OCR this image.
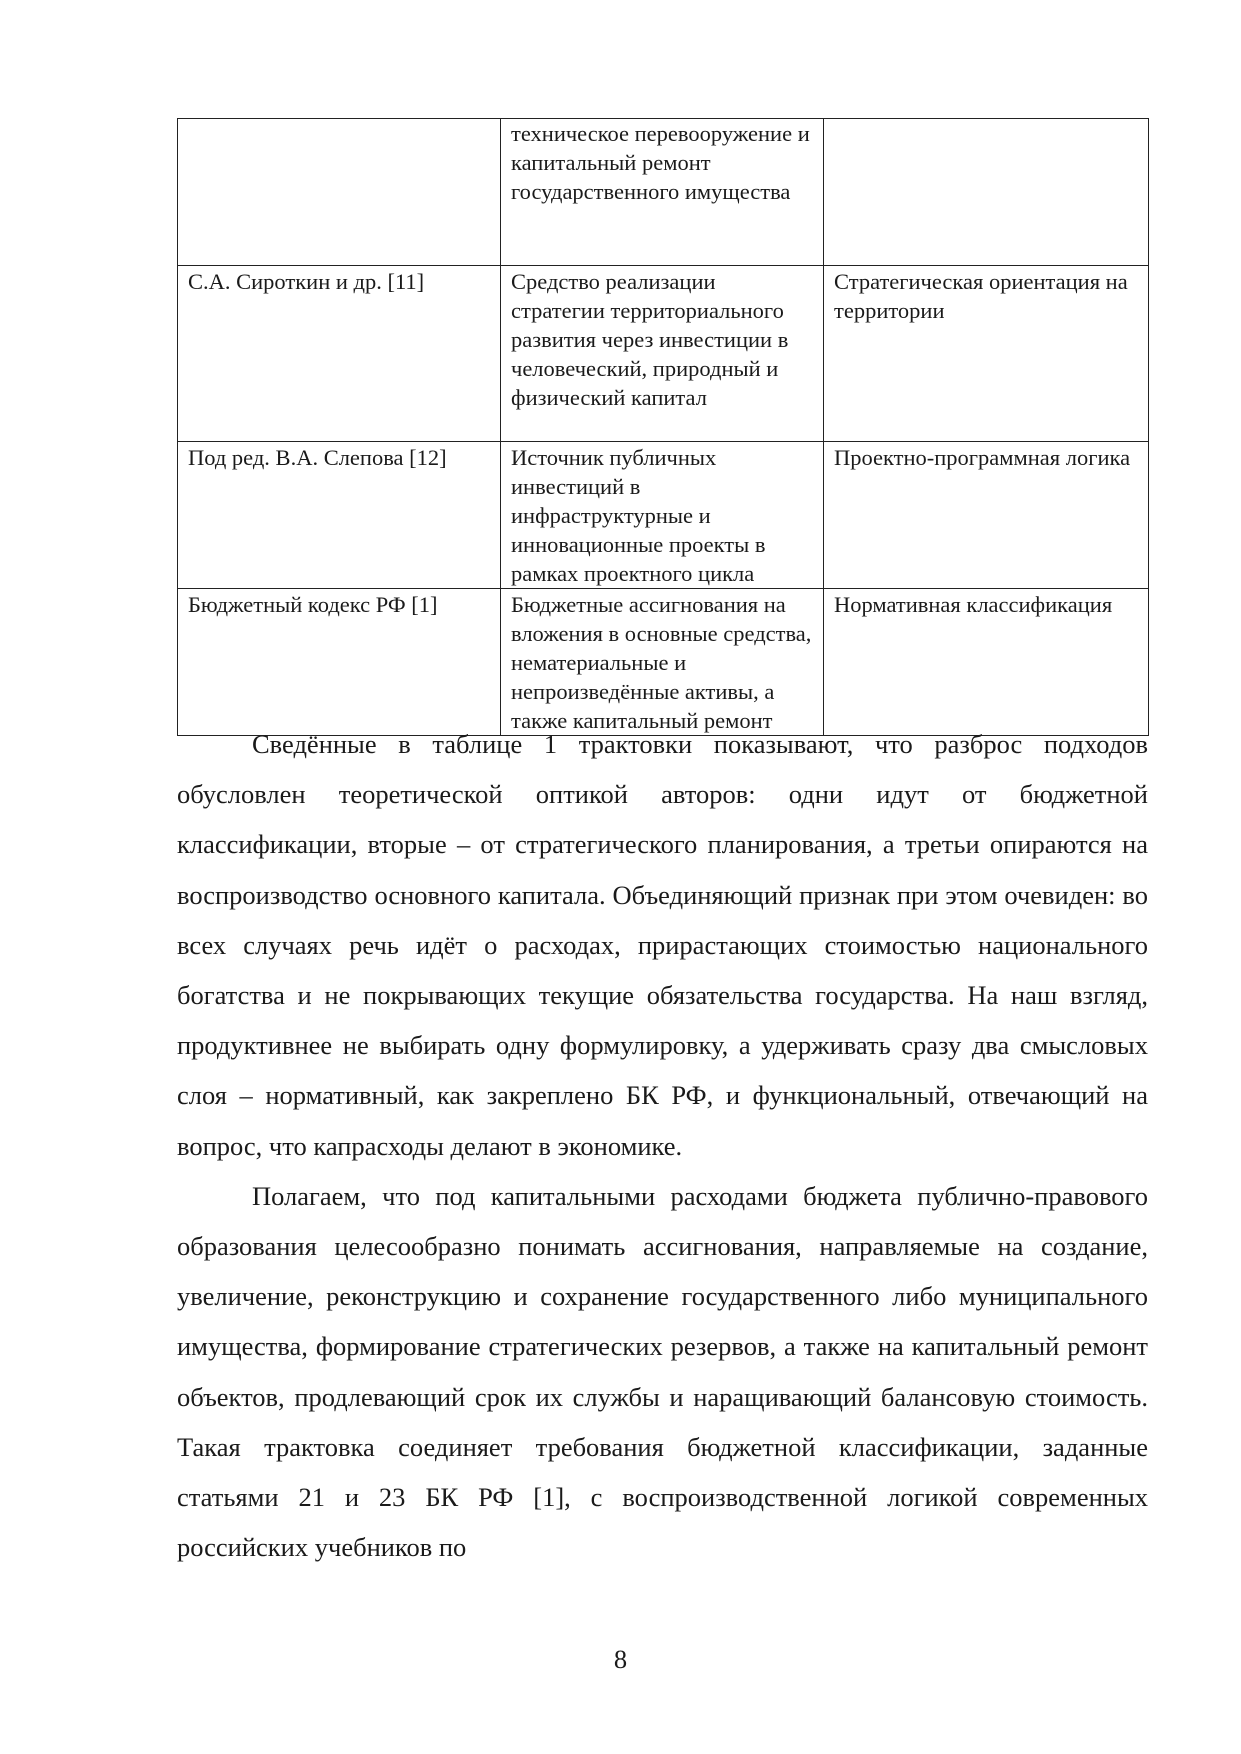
	техническое перевооружение и капитальный ремонт государственного имущества	

С.А. Сироткин и др. [11]	Средство реализации стратегии территориального развития через инвестиции в человеческий, природный и физический капитал	Стратегическая ориентация на территории

Под ред. В.А. Слепова [12]	Источник публичных инвестиций в инфраструктурные и инновационные проекты в рамках проектного цикла	Проектно-программная логика

Бюджетный кодекс РФ [1]	Бюджетные ассигнования на вложения в основные средства, нематериальные и непроизведённые активы, а также капитальный ремонт	Нормативная классификация

Сведённые в таблице 1 трактовки показывают, что разброс подходов обусловлен теоретической оптикой авторов: одни идут от бюджетной классификации, вторые – от стратегического планирования, а третьи опираются на воспроизводство основного капитала. Объединяющий признак при этом очевиден: во всех случаях речь идёт о расходах, прирастающих стоимостью национального богатства и не покрывающих текущие обязательства государства. На наш взгляд, продуктивнее не выбирать одну формулировку, а удерживать сразу два смысловых слоя – нормативный, как закреплено БК РФ, и функциональный, отвечающий на вопрос, что капрасходы делают в экономике.

Полагаем, что под капитальными расходами бюджета публично-правового образования целесообразно понимать ассигнования, направляемые на создание, увеличение, реконструкцию и сохранение государственного либо муниципального имущества, формирование стратегических резервов, а также на капитальный ремонт объектов, продлевающий срок их службы и наращивающий балансовую стоимость. Такая трактовка соединяет требования бюджетной классификации, заданные статьями 21 и 23 БК РФ [1], с воспроизводственной логикой современных российских учебников по

8
